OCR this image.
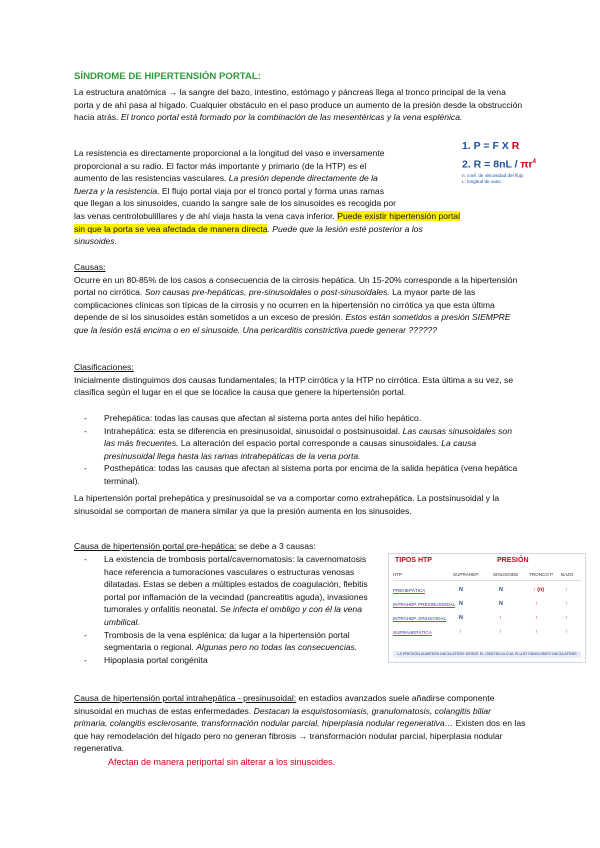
SÍNDROME DE HIPERTENSIÓN PORTAL:

La estructura anatómica → la sangre del bazo, intestino, estómago y páncreas llega al tronco principal de la vena porta y de ahí pasa al hígado. Cualquier obstáculo en el paso produce un aumento de la presión desde la obstrucción hacia atrás. El tronco portal está formado por la combinación de las mesentéricas y la vena esplénica.

La resistencia es directamente proporcional a la longitud del vaso e inversamente
proporcional a su radio. El factor más importante y primario (de la HTP) es el
aumento de las resistencias vasculares. La presión depende directamente de la
fuerza y la resistencia. El flujo portal viaja por el tronco portal y forma unas ramas
que llegan a los sinusoides, cuando la sangre sale de los sinusoides es recogida por

las venas centrolobulillares y de ahí viaja hasta la vena cava inferior. Puede existir hipertensión portal
sin que la porta se vea afectada de manera directa. Puede que la lesión esté posterior a los
sinusoides.

1. P = F X R
2. $R = 8nL / \pi r^4$
n: coef. de viscosidad del flujo
L: longitud de vaso.

Causas:
Ocurre en un 80-85% de los casos a consecuencia de la cirrosis hepática. Un 15-20% corresponde a la hipertensión portal no cirrótica. Son causas pre-hepáticas, pre-sinusoidales o post-sinusoidales. La myaor parte de las complicaciones clínicas son típicas de la cirrosis y no ocurren en la hipertensión no cirrótica ya que esta última depende de si los sinusoides están sometidos a un exceso de presión. Estos están sometidos a presión SIEMPRE que la lesión está encima o en el sinusoide. Una pericarditis constrictiva puede generar ??????

Clasificaciones:
Inicialmente distinguimos dos causas fundamentales; la HTP cirrótica y la HTP no cirrótica. Esta última a su vez, se clasifica según el lugar en el que se localice la causa que genere la hipertensión portal.

- Prehepática: todas las causas que afectan al sistema porta antes del hilio hepático.
- Intrahepática: esta se diferencia en presinusoidal, sinusoidal o postsinusoidal. Las causas sinusoidales son las más frecuentes. La alteración del espacio portal corresponde a causas sinusoidales. La causa presinusoidal llega hasta las ramas intrahepáticas de la vena porta.
- Posthepática: todas las causas que afectan al sistema porta por encima de la salida hepática (vena hepática terminal).

La hipertensión portal prehepática y presinusoidal se va a comportar como extrahepática. La postsinusoidal y la sinusoidal se comportan de manera similar ya que la presión aumenta en los sinusoides.

Causa de hipertensión portal pre-hepática: se debe a 3 causas:

- La existencia de trombosis portal/cavernomatosis: la cavernomatosis hace referencia a tumoraciones vasculares o estructuras venosas dilatadas. Estas se deben a múltiples estados de coagulación, flebitis portal por inflamación de la vecindad (pancreatitis aguda), invasiones tumorales y onfalitis neonatal. Se infecta el ombligo y con él la vena umbilical.
- Trombosis de la vena esplénica: da lugar a la hipertensión portal segmentaria o regional. Algunas pero no todas las consecuencias.
- Hipoplasia portal congénita
TIPOS HTP	PRESIÓN
HTP	SUPRAHEP.	SINUSOIDE TRONCO P. BAZO
PREHEPÁTICA	N	N	↑ (n)	↑
INTRAHEP. PRESINUSOIDAL N	N	↑	↑
INTRAHEP. SINUSOIDAL N	↑	↑	↑
SUPRAHEPÁTICA	↑	↑	↑	↑
LA PRESIÓN AUMENTA HACIA ATRÁS DESDE EL OBSTÁCULO AL FLUJO SANGUÍNEO HACIA ATRÁS

Causa de hipertensión portal intrahepática - presinusoidal: en estadios avanzados suele añadirse componente sinusoidal en muchas de estas enfermedades. Destacan la esquistosomiasis, granulomatosis, colangitis biliar primaria, colangitis esclerosante, transformación nodular parcial, hiperplasia nodular regenerativa… Existen dos en las que hay remodelación del hígado pero no generan fibrosis → transformación nodular parcial, hiperplasia nodular regenerativa.

Afectan de manera periportal sin alterar a los sinusoides.
